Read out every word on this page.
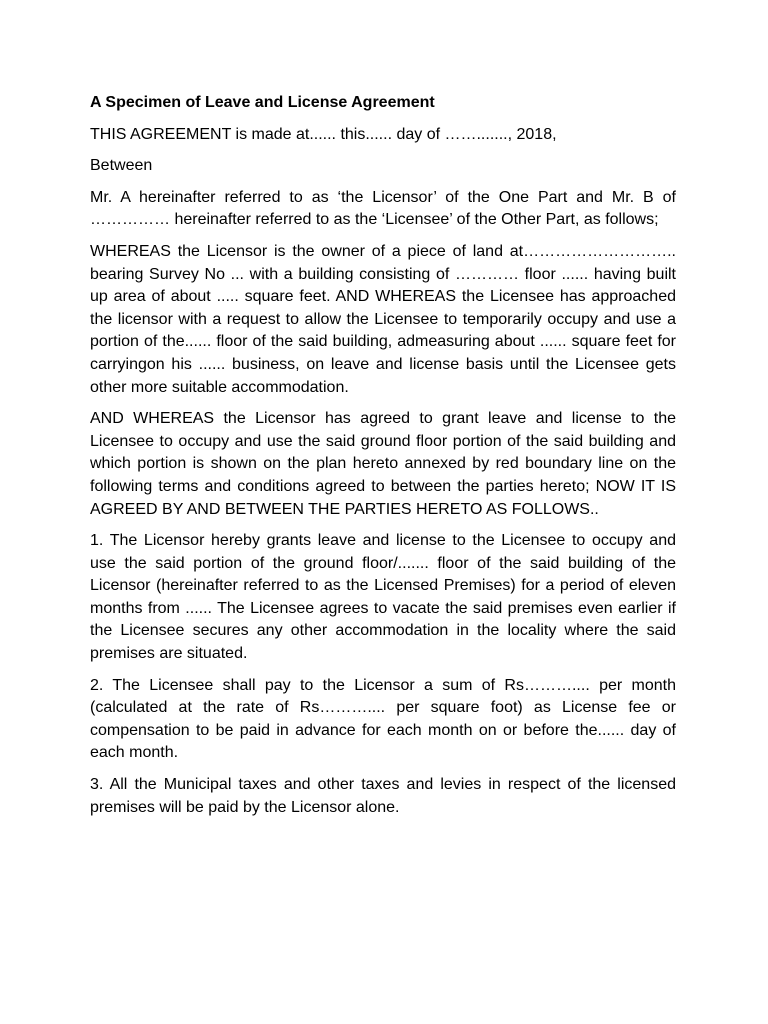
A Specimen of Leave and License Agreement

THIS AGREEMENT is made at...... this...... day of ……......., 2018,

Between

Mr. A hereinafter referred to as ‘the Licensor’ of the One Part and Mr. B of …………… hereinafter referred to as the ‘Licensee’ of the Other Part, as follows;

WHEREAS the Licensor is the owner of a piece of land at……………………….. bearing Survey No ... with a building consisting of ………… floor ...... having built up area of about ..... square feet. AND WHEREAS the Licensee has approached the licensor with a request to allow the Licensee to temporarily occupy and use a portion of the...... floor of the said building, admeasuring about ...... square feet for carryingon his ...... business, on leave and license basis until the Licensee gets other more suitable accommodation.

AND WHEREAS the Licensor has agreed to grant leave and license to the Licensee to occupy and use the said ground floor portion of the said building and which portion is shown on the plan hereto annexed by red boundary line on the following terms and conditions agreed to between the parties hereto; NOW IT IS AGREED BY AND BETWEEN THE PARTIES HERETO AS FOLLOWS..

1. The Licensor hereby grants leave and license to the Licensee to occupy and use the said portion of the ground floor/....... floor of the said building of the Licensor (hereinafter referred to as the Licensed Premises) for a period of eleven months from ...... The Licensee agrees to vacate the said premises even earlier if the Licensee secures any other accommodation in the locality where the said premises are situated.

2. The Licensee shall pay to the Licensor a sum of Rs……….... per month (calculated at the rate of Rs……….... per square foot) as License fee or compensation to be paid in advance for each month on or before the...... day of each month.

3. All the Municipal taxes and other taxes and levies in respect of the licensed premises will be paid by the Licensor alone.
